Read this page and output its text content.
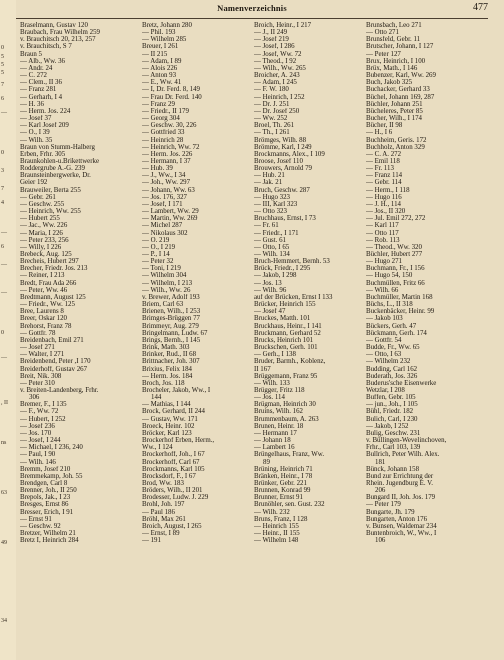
0
5
5
5
7
6
—
0
3
7
4
—
6
—
—
0
—
, II
ns
63
49
34
Namenverzeichnis	477
Braselmann, Gustav 120
Braubach, Frau Wilhelm 259
v. Brauchitsch 20, 213, 257
v. Brauchitsch, S 7
Braun 5
— Alb., Ww. 36
— Andr. 24
— C. 272
— Clem., II 36
— Franz 281
— Gerharh, I 4
— H. 36
— Herm. Jos. 224
— Josef 37
— Karl Josef 209
— O., I 39
— Wilh. 35
Braun von Stumm-Halberg
Erben, Frhr. 305
Braunkohlen-u.Brikettwerke
Roddergrube A.-G. 239
Braunsteinbergwerke, Dr.
Geier 192
Brauweiler, Berta 255
— Gebr. 261
— Geschw. 255
— Heinrich, Ww. 255
— Hubert 255
— Jac., Ww. 226
— Maria, I 226
— Peter 233, 256
— Willy, I 226
Brebeck, Aug. 125
Brecheis, Hubert 297
Brecher, Friedr. Jos. 213
— Reiner, I 213
Bredt, Frau Ada 266
— Peter, Ww. 46
Bredtmann, August 125
— Friedr., Ww. 125
Bree, Laurens 8
Breer, Oskar 120
Brehorst, Franz 78
— Gottfr. 78
Breidenbach, Emil 271
— Josef 271
— Walter, I 271
Breidenbend, Peter ,I 170
Breiderhoff, Gustav 267
Breit, Nik. 308
— Peter 310
v. Breiten-Landenberg, Frhr.
306
Bremer, F., I 135
— F., Ww. 72
— Hubert, I 252
— Josef 236
— Jos. 170
— Josef, I 244
— Michael, I 236, 240
— Paul, I 90
— Wilh. 146
Bremm, Josef 210
Bremmekamp, Joh. 55
Brendgen, Carl 8
Brenner, Joh., II 250
Brepols, Jak., I 23
Bresges, Ernst 86
Bresser, Erich, I 91
— Ernst 91
— Geschw. 92
Bretzer, Wilhelm 21
Bretz I, Heinrich 284
Bretz, Johann 280
— Phil. 193
— Wilhelm 285
Breuer, I 261
— II 215
— Adam, I 89
— Alois 226
— Anton 93
— E., Ww. 41
— I, Dr. Ferd. 8, 149
— Frau Dr. Ferd. 140
— Franz 29
— Friedr., II 179
— Georg 304
— Geschw. 30, 226
— Gottfried 33
— Heinrich 28
— Heinrich, Ww. 72
— Herm. Jos. 226
— Hermann, I 37
— Hub. 39
— J., Ww., I 34
— Joh., Ww. 297
— Johann, Ww. 63
— Jos. 176, 327
— Josef, I 171
— Lambert, Ww. 29
— Martin, Ww. 269
— Michel 287
— Nikolaus 302
— O. 219
— O., I 219
— P., I 14
— Peter 32
— Toni, I 219
— Wilhelm 304
— Wilhelm, I 213
— Wilh., Ww. 26
v. Brewer, Adolf 193
Briem, Carl 63
Brienen, Wilh., I 253
Brimges-Brüggen 77
Brimmeyr, Aug. 279
Bringelmann, Ludw. 67
Brings, Bernh., I 145
Brink, Math. 303
Brinker, Rud., II 68
Brittnacher, Joh. 307
Brixius, Felix 184
— Herm. Jos. 184
Broch, Jos. 118
Brocheler, Jakob, Ww., I
144
— Mathias, I 144
Brock, Gerhard, II 244
— Gustav, Ww. 171
Broeck, Heinr. 102
Bröcker, Karl 123
Brockerhof Erben, Herm.,
Ww., I 124
Brockerhoff, Joh., I 67
Brockerhoff, Carl 67
Brockmanns, Karl 105
Brocksdorf, F., I 67
Brod, Ww. 183
Bröders, Wilh., II 201
Brodesser, Ludw. J. 229
Brohl, Joh. 197
— Paul 186
Bröhl, Max 261
Broich, August, I 265
— Ernst, I 89
— 191
Broich, Heinr., I 217
— J., II 249
— Josef 219
— Josef, I 286
— Josef, Ww. 72
— Theod., I 92
— Wilh., Ww. 265
Broicher, A. 243
— Adam, I 245
— F. W. 180
— Heinrich, I 252
— Dr. J. 251
— Dr. Josef 250
— Ww. 252
Broel, Th. 261
— Th., I 261
Brömges, Wilh. 88
Brömme, Karl, I 249
Brockmanns, Alex., I 109
Broose, Josef 110
Brouwers, Arnold 79
— Hub. 21
— Jak. 21
Bruch, Geschw. 287
— Hugo 323
— III, Karl 323
— Otto 323
Bruchhaus, Ernst, I 73
— Fr. 61
— Friedr., I 171
— Gust. 61
— Otto, I 65
— Wilh. 134
Bruch-Hemmert, Bernh. 53
Brück, Friedr., I 295
— Jakob, I 298
— Jos. 13
— Wilh. 96
auf der Brücken, Ernst I 133
Brücker, Heinrich 155
— Josef 47
Bruckes, Matth. 101
Bruckhaus, Heinr., I 141
Bruckmann, Gerhard 52
Brucks, Heinrich 101
Bruckschen, Gerh. 101
— Gerh., I 138
Bruder, Barmh., Koblenz,
II 167
Brüggemann, Franz 95
— Wilh. 133
Brügger, Fritz 118
— Jos. 114
Brügman, Heinrich 30
Bruins, Wilh. 162
Brummenbaum, A. 263
Brunen, Heinr. 18
— Hermann 17
— Johann 18
— Lambert 16
Brüngelhaus, Franz, Ww.
89
Brüning, Heinrich 71
Bränken, Heinr., I 78
Brünker, Gebr. 221
Brunnen, Konrad 99
Brunner, Ernst 91
Brunöhler, sen. Gust. 232
— Wilh. 232
Bruns, Franz, I 128
— Heinrich 155
— Heinr., II 155
— Wilhelm 148
Brunsbach, Leo 271
— Otto 271
Brunsfeld, Gebr. 11
Brutscher, Johann, I 127
— Peter 127
Brux, Heinrich, I 100
Brüx, Math., I 146
Bubenzer, Karl, Ww. 269
Buch, Jakob 325
Buchacker, Gerhard 33
Büchel, Johann 169, 287
Büchler, Johann 251
Bücheleres, Peter 85
Bucher, Wilh., I 174
Bücher, II 98
— H., I 6
Buchheim, Geris. 172
Buchholz, Anton 329
— C. A. 272
— Emil 118
— Fr. 113
— Franz 114
— Gebr. 114
— Herm., I 118
— Hugo 116
— J. H., 114
— Jos., II 320
— Jul. Emil 272, 272
— Karl 117
— Otto 117
— Rob. 113
— Theod., Ww. 320
Büchler, Hubert 277
— Hugo 271
Buchmann, Fr., I 156
— Hugo 54, 150
Buchmüllen, Fritz 66
— Wilh. 66
Buchmüller, Martin 168
Büchs, L., II 318
Buckenbäcker, Heinr. 99
— Jakob 103
Bückers, Gerh. 47
Bückmann, Gerh. 174
— Gottfr. 54
Budde, Fr., Ww. 65
— Otto, I 63
— Wilhelm 232
Budding, Carl 162
Buderath, Jos. 326
Buderus'sche Eisenwerke
Wetzlar, I 208
Buffen, Gebr. 105
— jun., Joh., I 105
Bühl, Friedr. 182
Bulich, Carl, I 230
— Jakob, I 252
Bulig, Geschw. 231
v. Büllingen-Wevelinchoven,
Frhr., Carl 103, 139
Bullrich, Peter Wilh. Alex.
181
Bünck, Johann 158
Bund zur Errichtung der
Rhein. Jugendburg E. V.
206
Bungard II, Joh. Jos. 179
— Peter 179
Bungarte, Jh. 179
Bungarten, Anton 176
v. Bunsen, Waldemar 234
Buntenbroich, W., Ww., I
106
